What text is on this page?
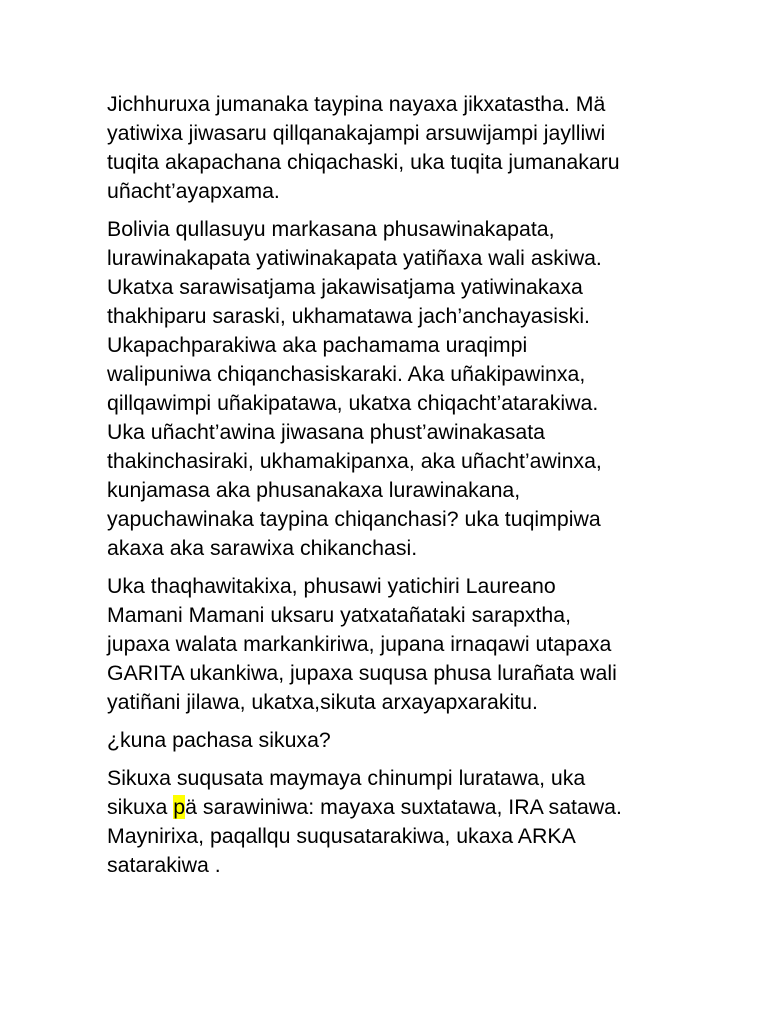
Jichhuruxa jumanaka taypina nayaxa jikxatastha. Mä
yatiwixa jiwasaru qillqanakajampi arsuwijampi jaylliwi
tuqita akapachana chiqachaski, uka tuqita jumanakaru
uñacht’ayapxama.

Bolivia qullasuyu markasana phusawinakapata,
lurawinakapata yatiwinakapata yatiñaxa wali askiwa.
Ukatxa sarawisatjama jakawisatjama yatiwinakaxa
thakhiparu saraski, ukhamatawa jach’anchayasiski.
Ukapachparakiwa aka pachamama uraqimpi
walipuniwa chiqanchasiskaraki. Aka uñakipawinxa,
qillqawimpi uñakipatawa, ukatxa chiqacht’atarakiwa.
Uka uñacht’awina jiwasana phust’awinakasata
thakinchasiraki, ukhamakipanxa, aka uñacht’awinxa,
kunjamasa aka phusanakaxa lurawinakana,
yapuchawinaka taypina chiqanchasi? uka tuqimpiwa
akaxa aka sarawixa chikanchasi.

Uka thaqhawitakixa, phusawi yatichiri Laureano
Mamani Mamani uksaru yatxatañataki sarapxtha,
jupaxa walata markankiriwa, jupana irnaqawi utapaxa
GARITA ukankiwa, jupaxa suqusa phusa lurañata wali
yatiñani jilawa, ukatxa,sikuta arxayapxarakitu.

¿kuna pachasa sikuxa?

Sikuxa suqusata maymaya chinumpi luratawa, uka
sikuxa pä sarawiniwa: mayaxa suxtatawa, IRA satawa.
Maynirixa, paqallqu suqusatarakiwa, ukaxa ARKA
satarakiwa .
